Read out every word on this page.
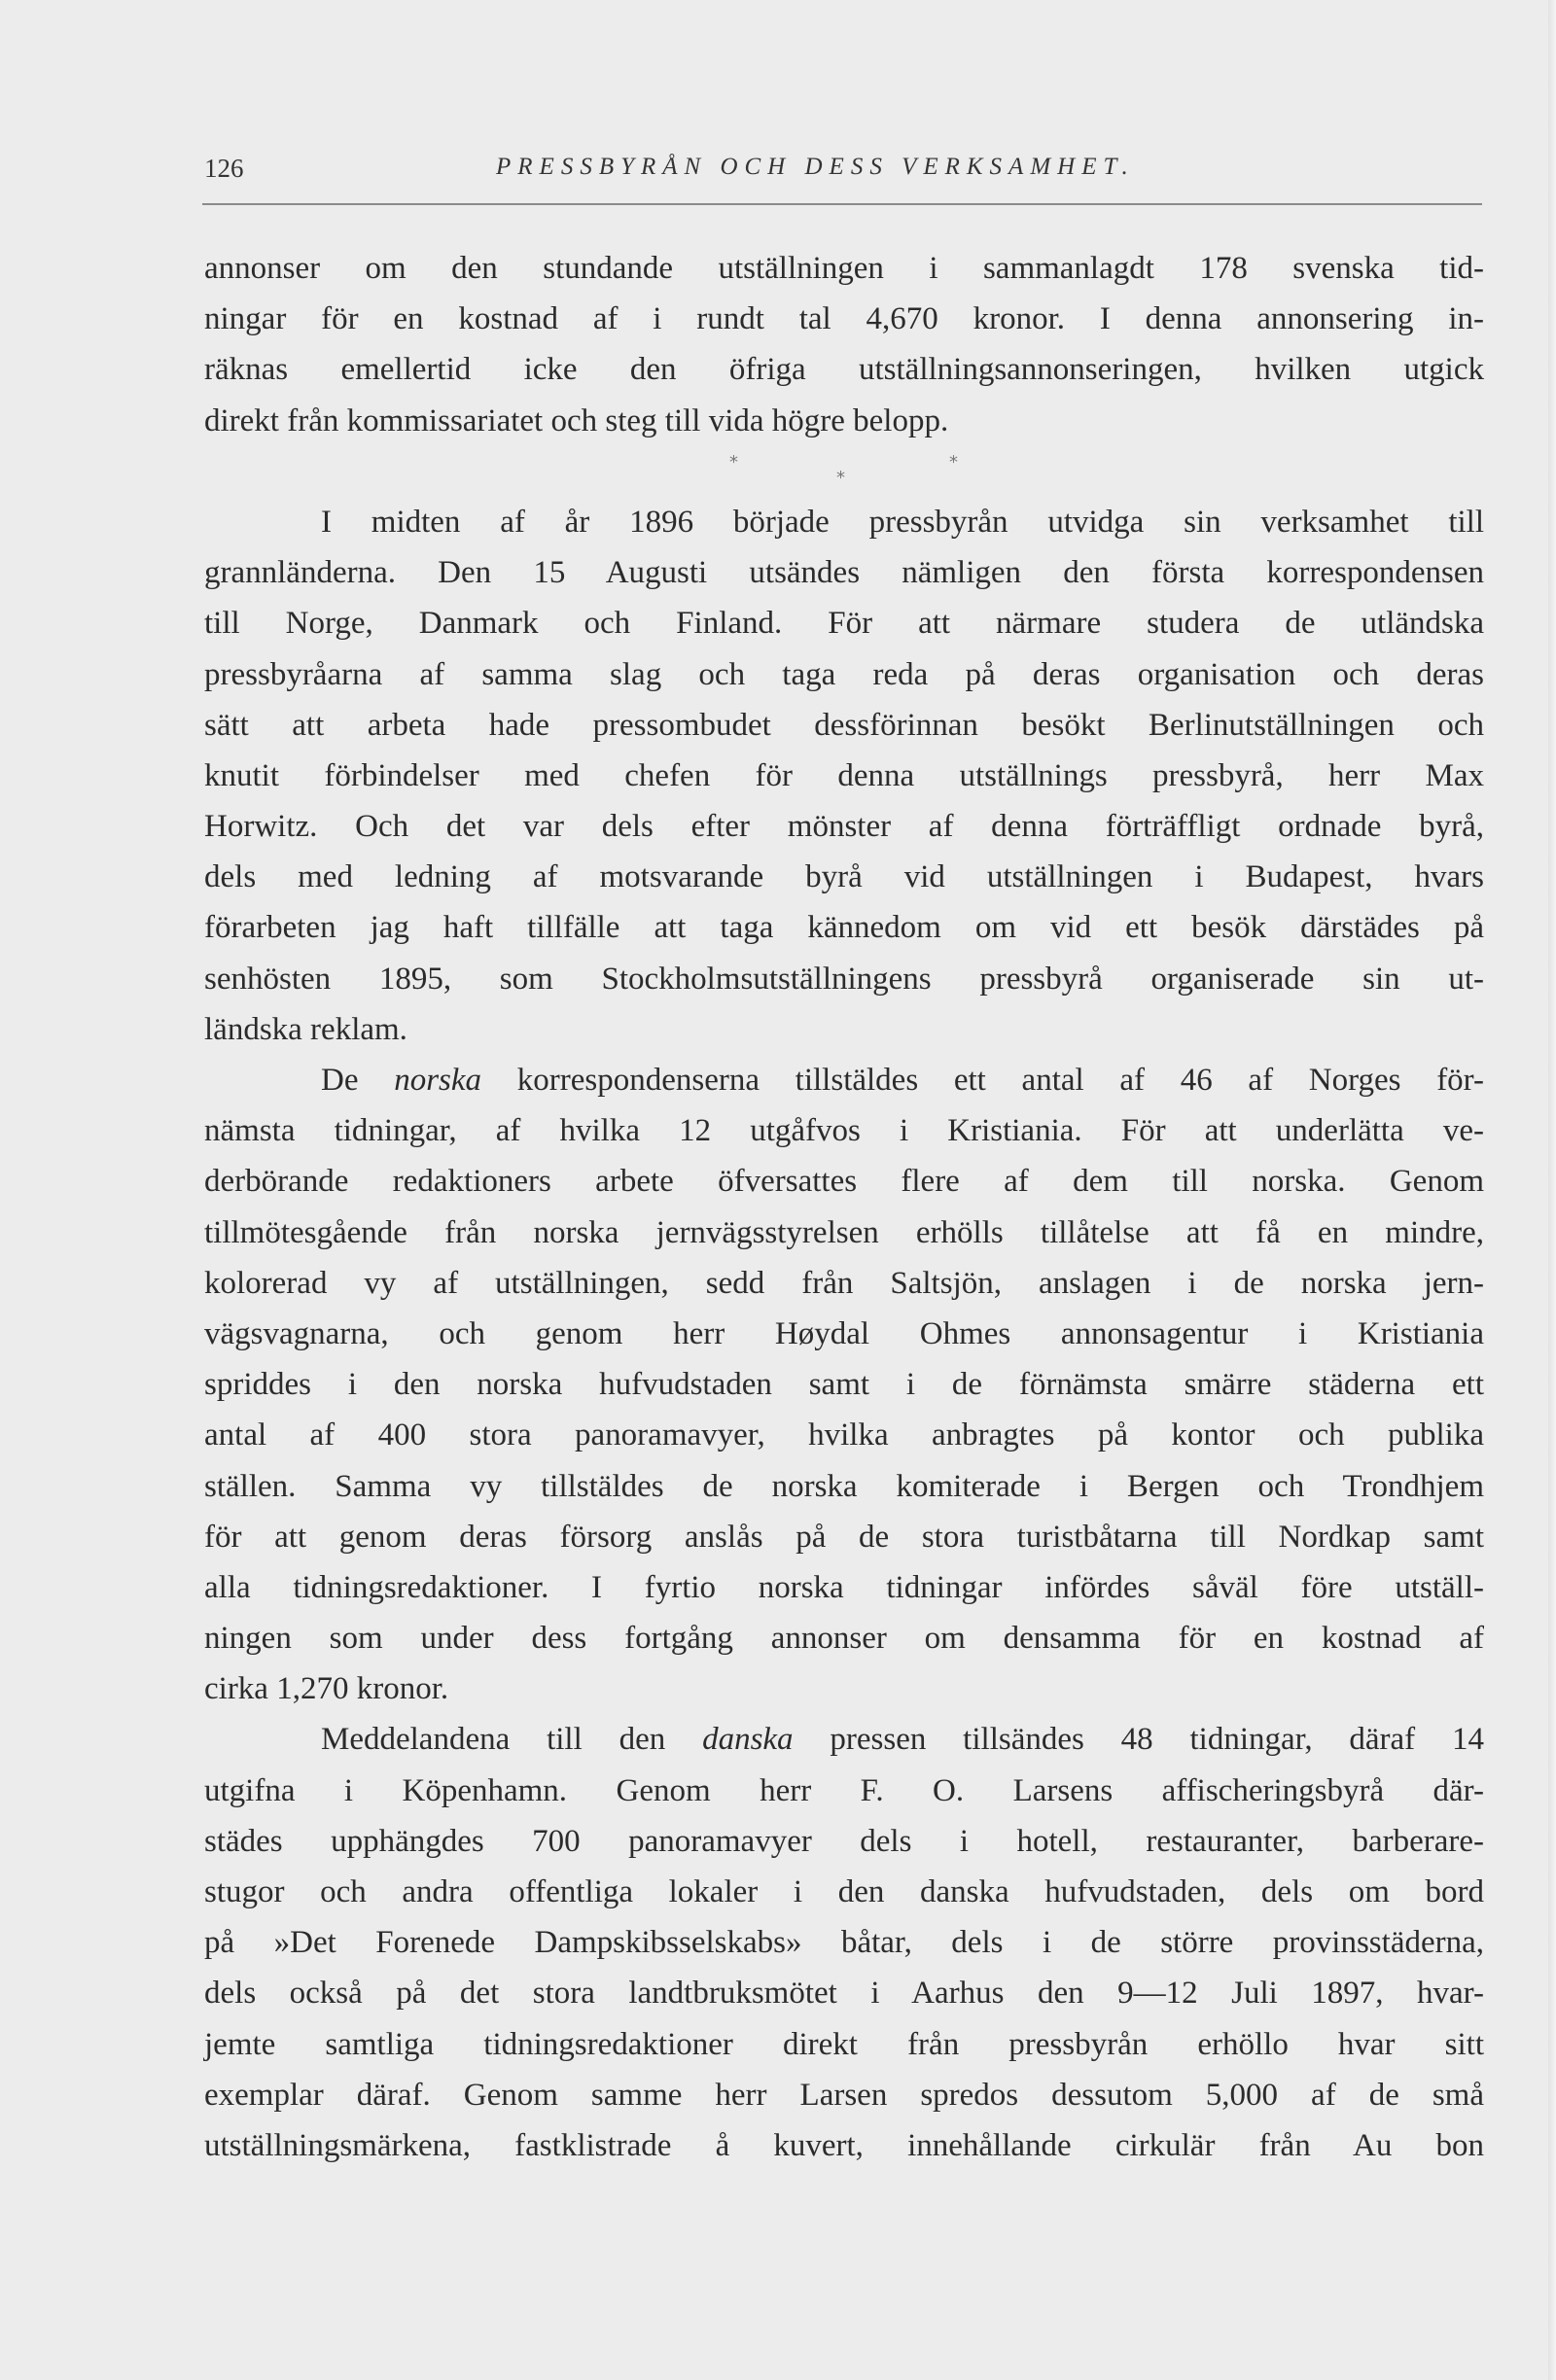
126	PRESSBYRÅN OCH DESS VERKSAMHET.
annonser om den stundande utställningen i sammanlagdt 178 svenska tid-
ningar för en kostnad af i rundt tal 4,670 kronor. I denna annonsering in-
räknas emellertid icke den öfriga utställningsannonseringen, hvilken utgick
direkt från kommissariatet och steg till vida högre belopp.
*
*
*
I midten af år 1896 började pressbyrån utvidga sin verksamhet till
grannländerna. Den 15 Augusti utsändes nämligen den första korrespondensen
till Norge, Danmark och Finland. För att närmare studera de utländska
pressbyråarna af samma slag och taga reda på deras organisation och deras
sätt att arbeta hade pressombudet dessförinnan besökt Berlinutställningen och
knutit förbindelser med chefen för denna utställnings pressbyrå, herr Max
Horwitz. Och det var dels efter mönster af denna förträffligt ordnade byrå,
dels med ledning af motsvarande byrå vid utställningen i Budapest, hvars
förarbeten jag haft tillfälle att taga kännedom om vid ett besök därstädes på
senhösten 1895, som Stockholmsutställningens pressbyrå organiserade sin ut-
ländska reklam.
De norska korrespondenserna tillstäldes ett antal af 46 af Norges för-
nämsta tidningar, af hvilka 12 utgåfvos i Kristiania. För att underlätta ve-
derbörande redaktioners arbete öfversattes flere af dem till norska. Genom
tillmötesgående från norska jernvägsstyrelsen erhölls tillåtelse att få en mindre,
kolorerad vy af utställningen, sedd från Saltsjön, anslagen i de norska jern-
vägsvagnarna, och genom herr Høydal Ohmes annonsagentur i Kristiania
spriddes i den norska hufvudstaden samt i de förnämsta smärre städerna ett
antal af 400 stora panoramavyer, hvilka anbragtes på kontor och publika
ställen. Samma vy tillstäldes de norska komiterade i Bergen och Trondhjem
för att genom deras försorg anslås på de stora turistbåtarna till Nordkap samt
alla tidningsredaktioner. I fyrtio norska tidningar infördes såväl före utställ-
ningen som under dess fortgång annonser om densamma för en kostnad af
cirka 1,270 kronor.
Meddelandena till den danska pressen tillsändes 48 tidningar, däraf 14
utgifna i Köpenhamn. Genom herr F. O. Larsens affischeringsbyrå där-
städes upphängdes 700 panoramavyer dels i hotell, restauranter, barberare-
stugor och andra offentliga lokaler i den danska hufvudstaden, dels om bord
på »Det Forenede Dampskibsselskabs» båtar, dels i de större provinsstäderna,
dels också på det stora landtbruksmötet i Aarhus den 9—12 Juli 1897, hvar-
jemte samtliga tidningsredaktioner direkt från pressbyrån erhöllo hvar sitt
exemplar däraf. Genom samme herr Larsen spredos dessutom 5,000 af de små
utställningsmärkena, fastklistrade å kuvert, innehållande cirkulär från Au bon
